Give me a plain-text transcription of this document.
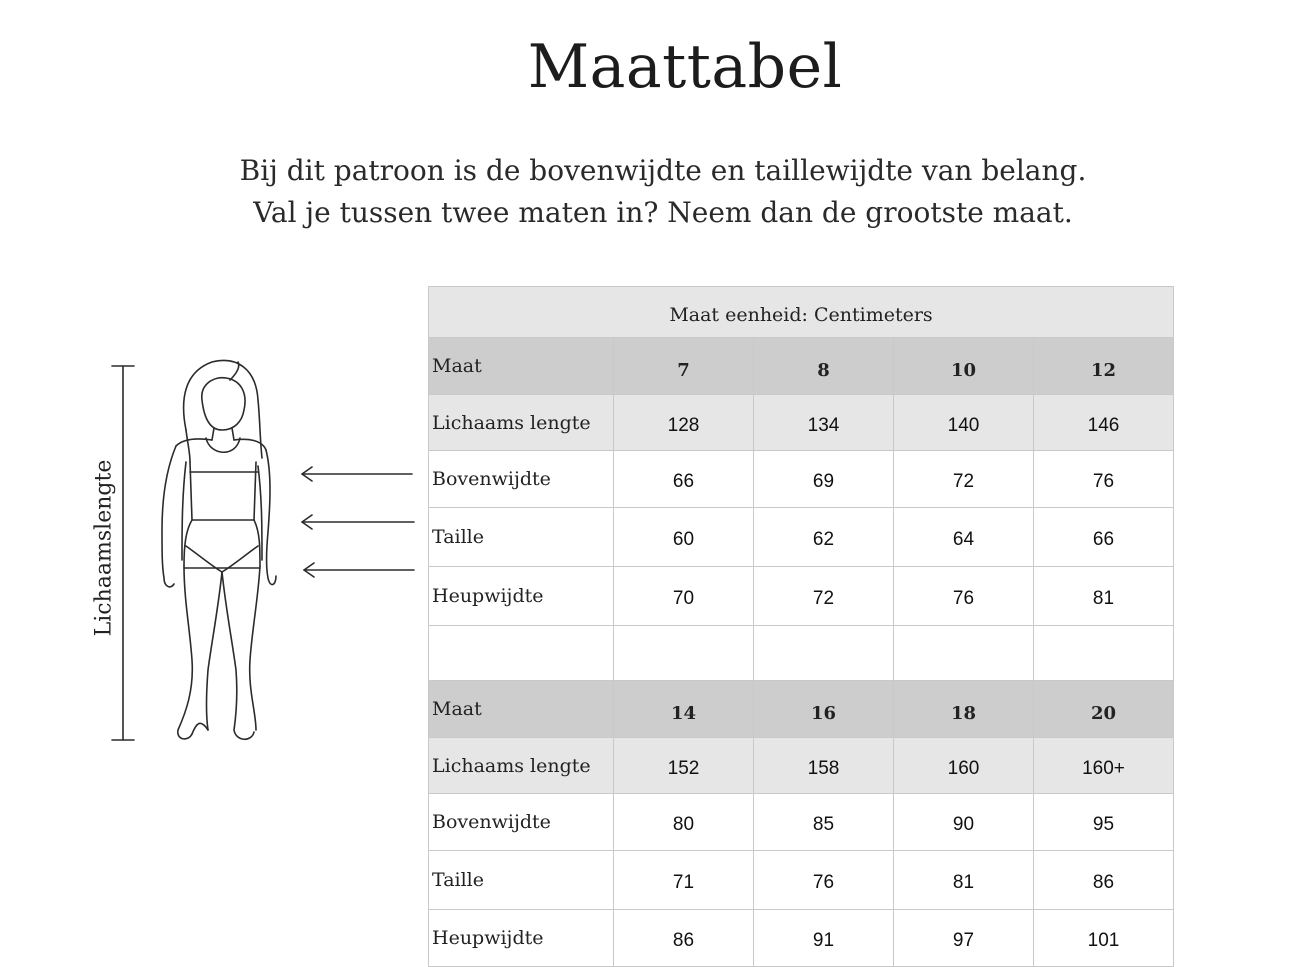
Maattabel
Bij dit patroon is de bovenwijdte en taillewijdte van belang.
Val je tussen twee maten in? Neem dan de grootste maat.
Lichaamslengte
Maat eenheid: Centimeters				
Maat	7	8	10	12
Lichaams lengte	128	134	140	146
Bovenwijdte	66	69	72	76
Taille	60	62	64	66
Heupwijdte	70	72	76	81

Maat	14	16	18	20
Lichaams lengte	152	158	160	160+
Bovenwijdte	80	85	90	95
Taille	71	76	81	86
Heupwijdte	86	91	97	101
